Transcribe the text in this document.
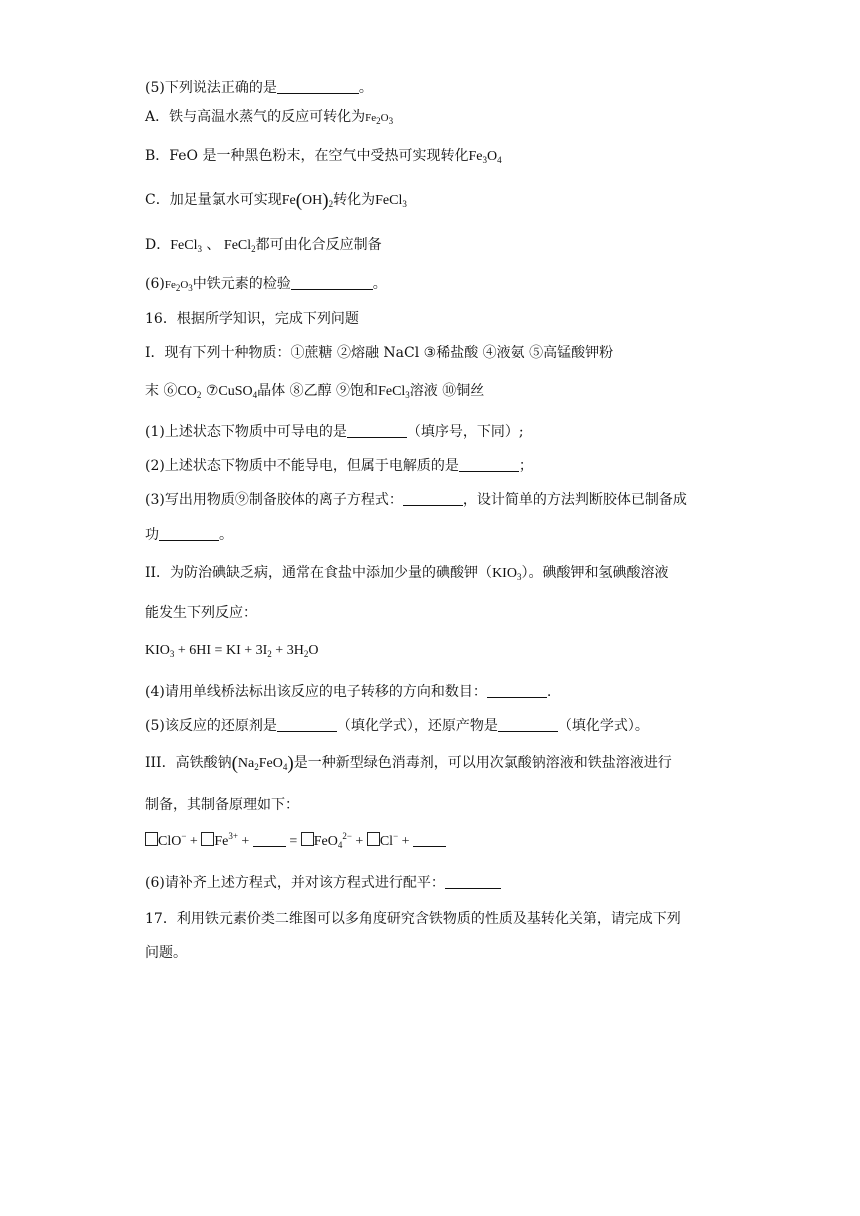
(5)下列说法正确的是	。
A．铁与高温水蒸气的反应可转化为$Fe_2O_3$
B．FeO 是一种黑色粉末，在空气中受热可实现转化$Fe_3O_4$
C．加足量氯水可实现$Fe(OH)_2$转化为FeCl$_3$
D．FeCl$_3$ 、 FeCl$_2$都可由化合反应制备
$(6)Fe_2O_3$中铁元素的检验	。
16．根据所学知识，完成下列问题
I．现有下列十种物质：①蔗糖 ②熔融 NaCl ③稀盐酸 ④液氨 ⑤高锰酸钾粉
末 $⑥CO_2$ ⑦CuSO$_4$晶体 ⑧乙醇 ⑨饱和FeCl$_3$溶液 ⑩铜丝
(1)上述状态下物质中可导电的是	（填序号，下同）;
(2)上述状态下物质中不能导电，但属于电解质的是	；
(3)写出用物质⑨制备胶体的离子方程式：	，设计简单的方法判断胶体已制备成
功	。
II．为防治碘缺乏病，通常在食盐中添加少量的碘酸钾$(KIO_3)$。碘酸钾和氢碘酸溶液
能发生下列反应：
$KIO_3 + 6HI$ = KI + $3I_2 + 3H_2O$
(4)请用单线桥法标出该反应的电子转移的方向和数目：	.
(5)该反应的还原剂是	（填化学式），还原产物是	（填化学式）。
III．高铁酸钠$(Na_2FeO_4)$是一种新型绿色消毒剂，可以用次氯酸钠溶液和铁盐溶液进行
制备，其制备原理如下：
$ClO^- + Fe^{3+}$ +  = FeO$_4^{2-}$ + Cl− +
(6)请补齐上述方程式，并对该方程式进行配平：
17．利用铁元素价类二维图可以多角度研究含铁物质的性质及基转化关第，请完成下列
问题。
